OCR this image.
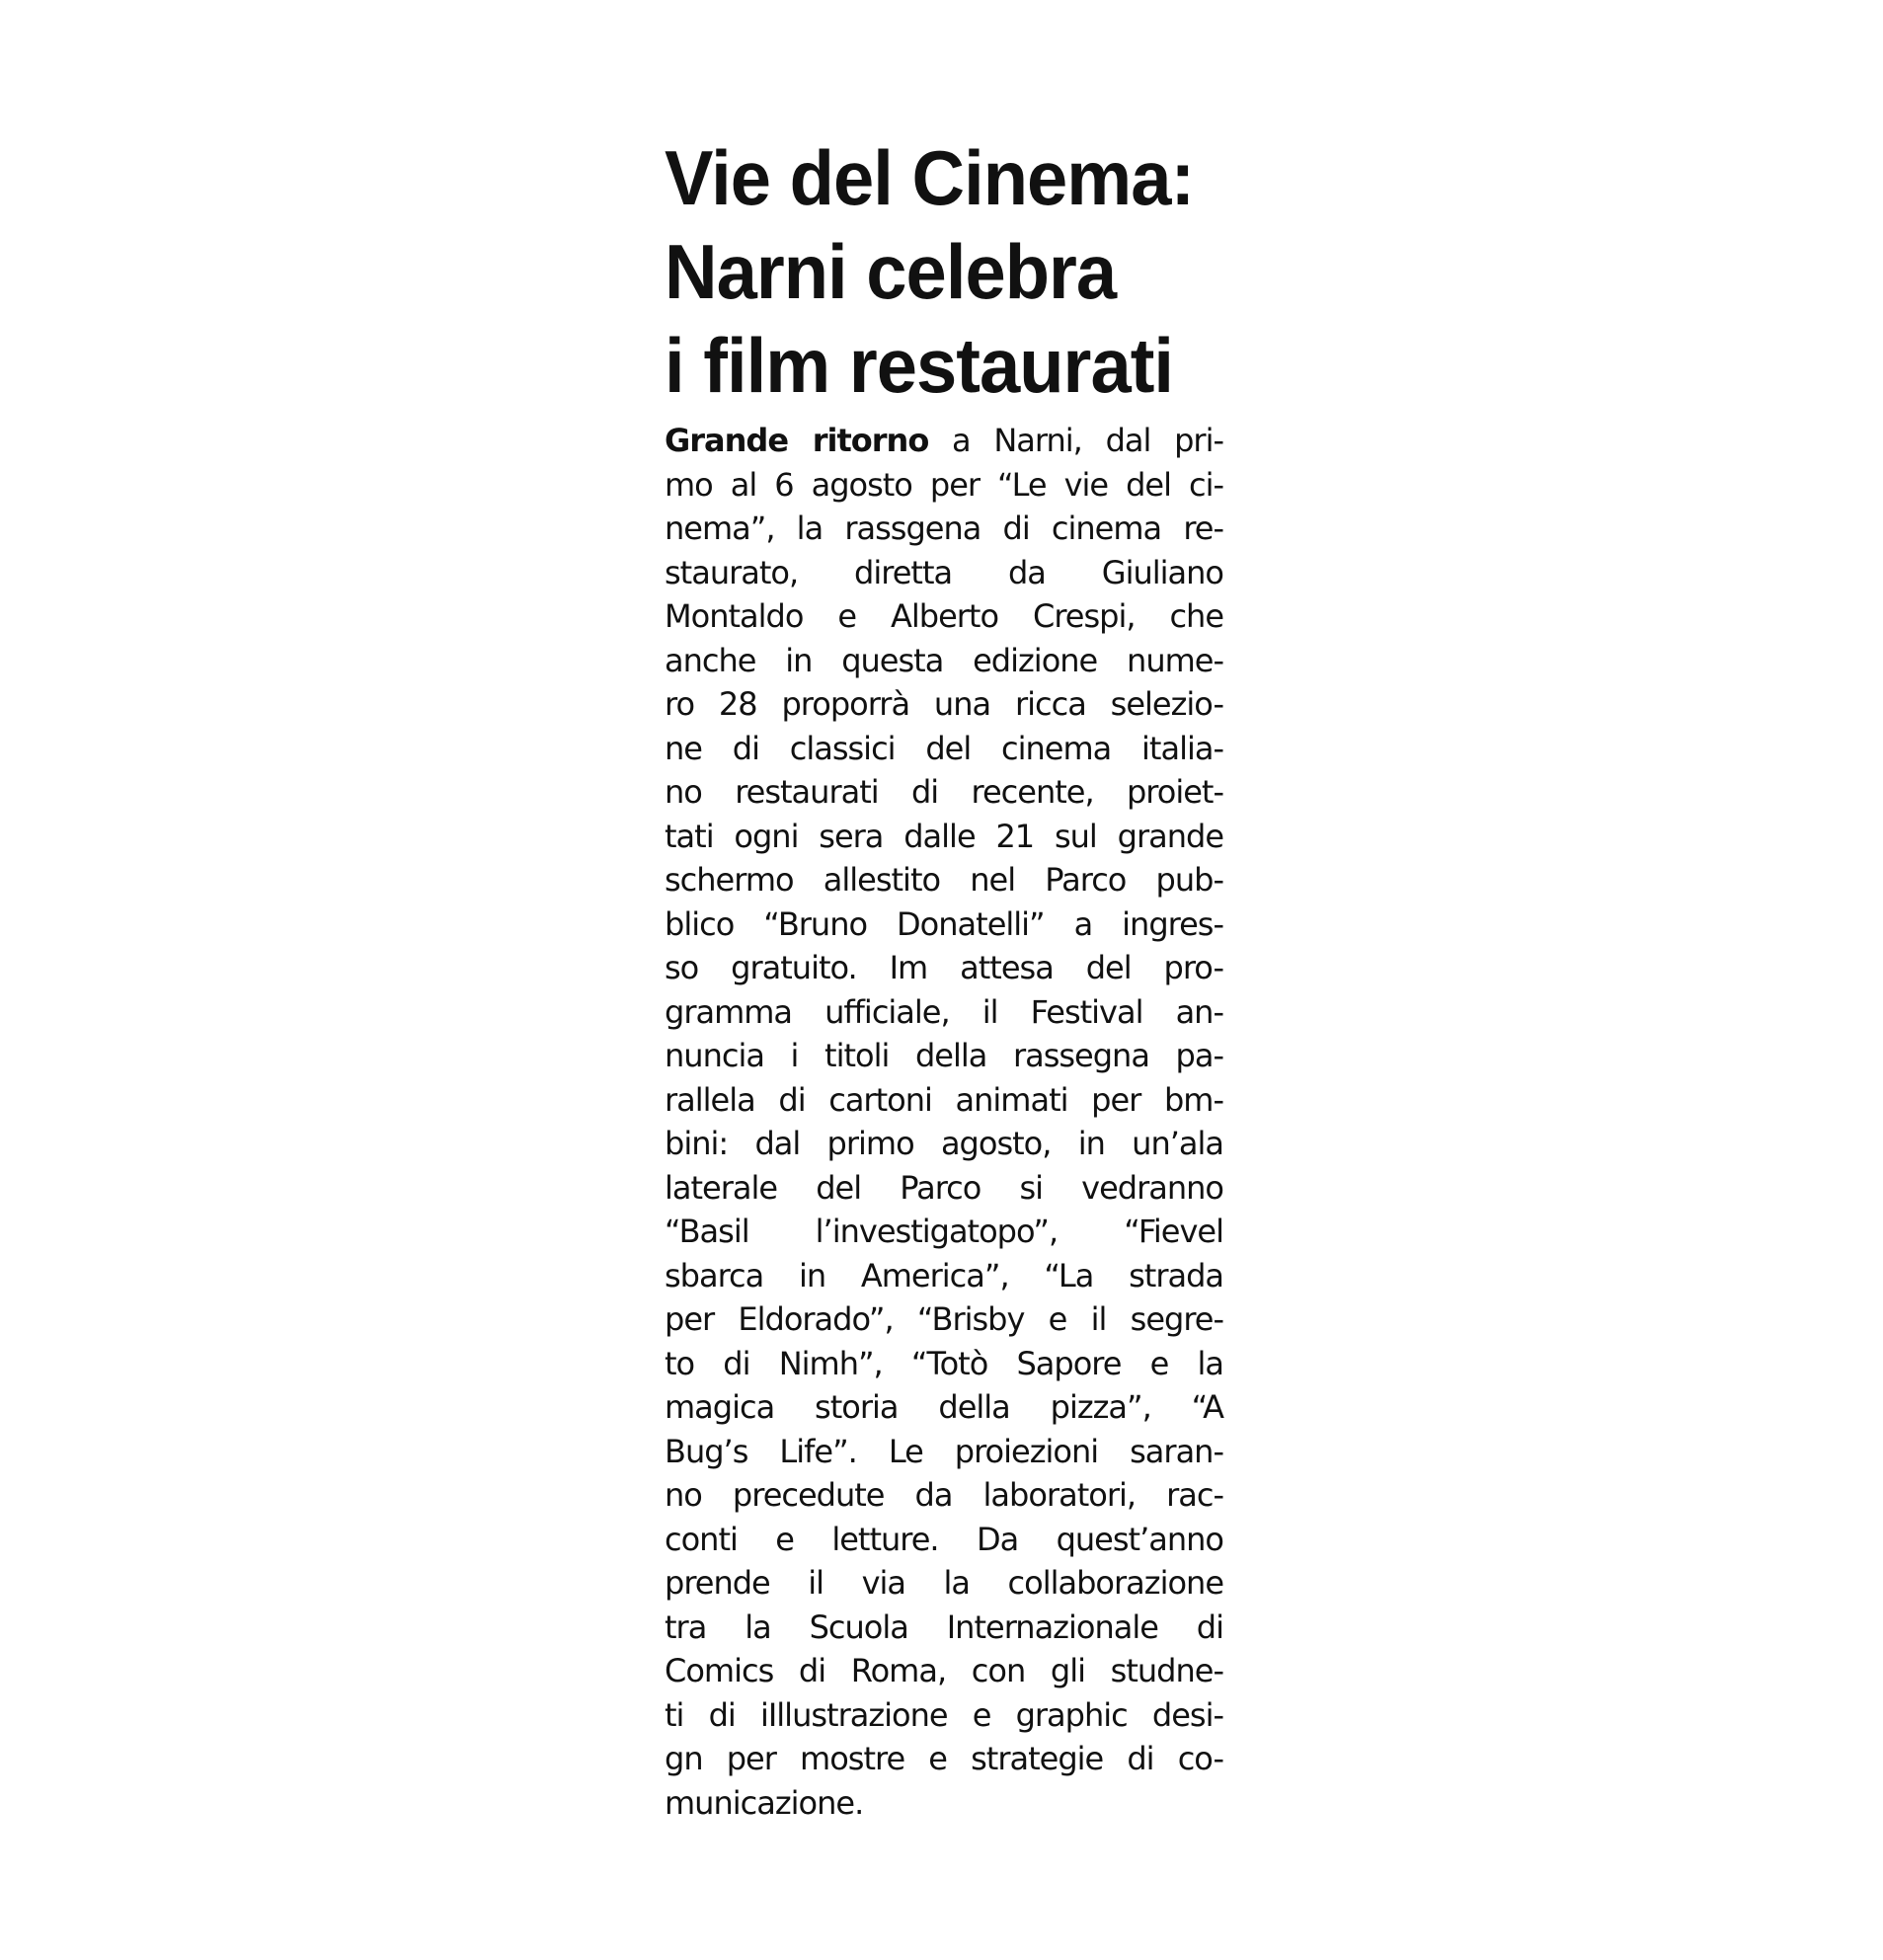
Vie del Cinema:
Narni celebra
i film restaurati
Grande ritorno a Narni, dal pri-
mo al 6 agosto per “Le vie del ci-
nema”, la rassgena di cinema re-
staurato, diretta da Giuliano
Montaldo e Alberto Crespi, che
anche in questa edizione nume-
ro 28 proporrà una ricca selezio-
ne di classici del cinema italia-
no restaurati di recente, proiet-
tati ogni sera dalle 21 sul grande
schermo allestito nel Parco pub-
blico “Bruno Donatelli” a ingres-
so gratuito. Im attesa del pro-
gramma ufficiale, il Festival an-
nuncia i titoli della rassegna pa-
rallela di cartoni animati per bm-
bini: dal primo agosto, in un’ala
laterale del Parco si vedranno
“Basil l’investigatopo”, “Fievel
sbarca in America”, “La strada
per Eldorado”, “Brisby e il segre-
to di Nimh”, “Totò Sapore e la
magica storia della pizza”, “A
Bug’s Life”. Le proiezioni saran-
no precedute da laboratori, rac-
conti e letture. Da quest’anno
prende il via la collaborazione
tra la Scuola Internazionale di
Comics di Roma, con gli studne-
ti di iIllustrazione e graphic desi-
gn per mostre e strategie di co-
municazione.
